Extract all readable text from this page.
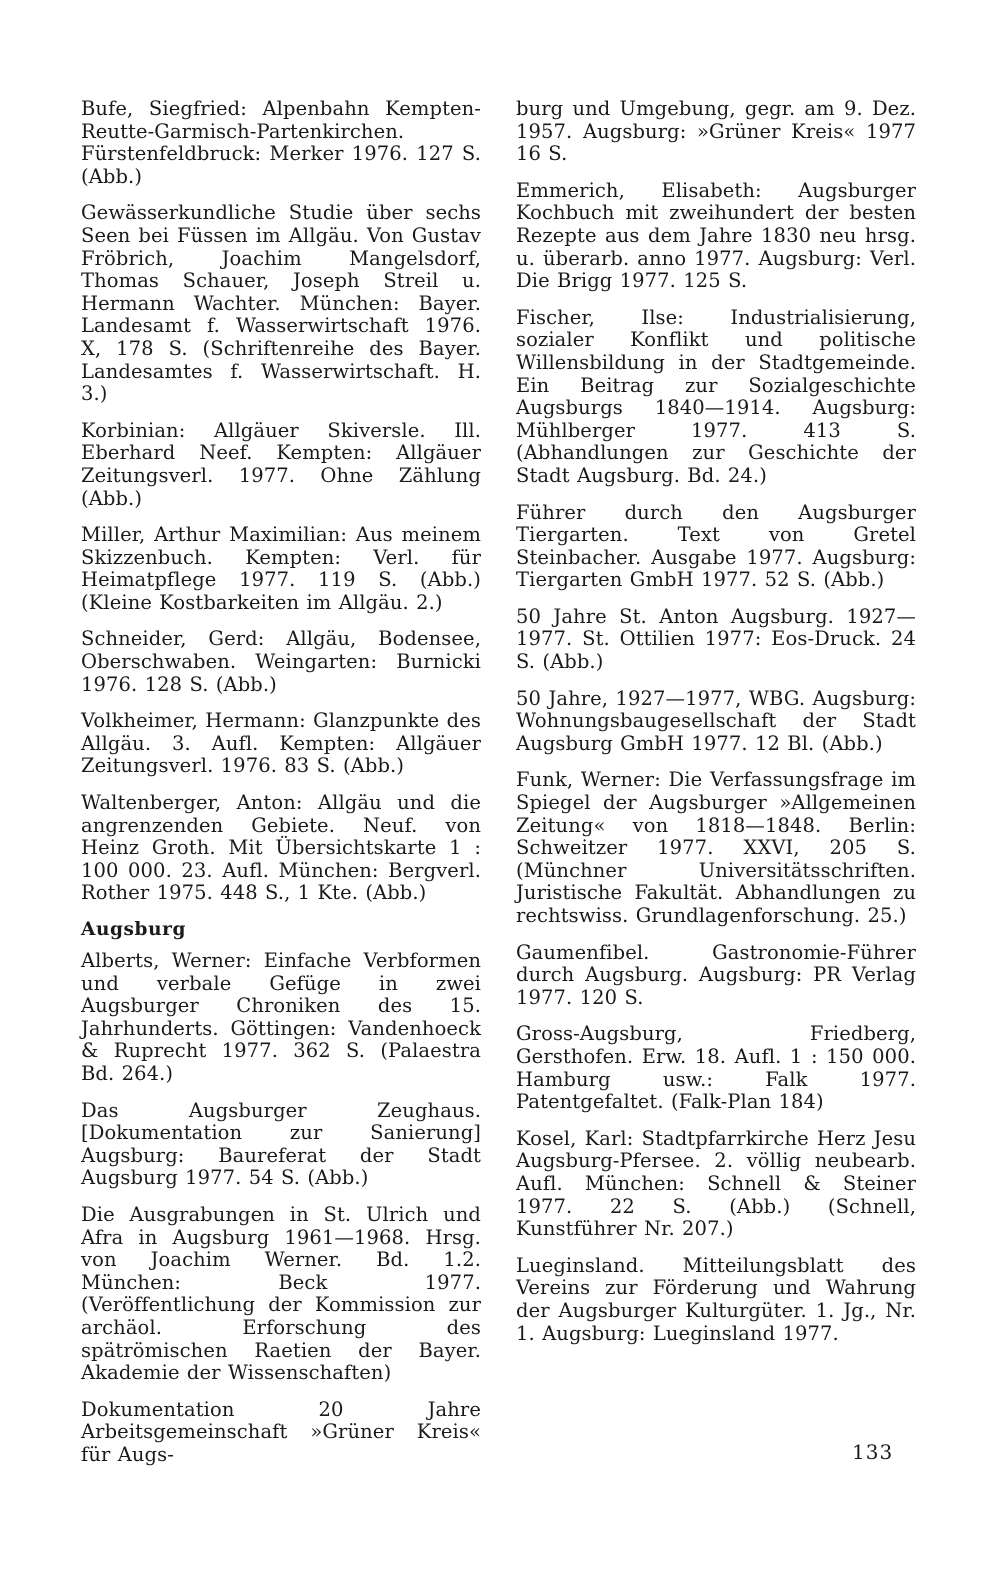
Bufe, Siegfried: Alpenbahn Kempten-Reutte-Garmisch-Partenkirchen. Fürstenfeldbruck: Merker 1976. 127 S. (Abb.)

Gewässerkundliche Studie über sechs Seen bei Füssen im Allgäu. Von Gustav Fröbrich, Joachim Mangelsdorf, Thomas Schauer, Joseph Streil u. Hermann Wachter. München: Bayer. Landesamt f. Wasserwirtschaft 1976. X, 178 S. (Schriftenreihe des Bayer. Landesamtes f. Wasserwirtschaft. H. 3.)

Korbinian: Allgäuer Skiversle. Ill. Eberhard Neef. Kempten: Allgäuer Zeitungsverl. 1977. Ohne Zählung (Abb.)

Miller, Arthur Maximilian: Aus meinem Skizzenbuch. Kempten: Verl. für Heimatpflege 1977. 119 S. (Abb.) (Kleine Kostbarkeiten im Allgäu. 2.)

Schneider, Gerd: Allgäu, Bodensee, Oberschwaben. Weingarten: Burnicki 1976. 128 S. (Abb.)

Volkheimer, Hermann: Glanzpunkte des Allgäu. 3. Aufl. Kempten: Allgäuer Zeitungsverl. 1976. 83 S. (Abb.)

Waltenberger, Anton: Allgäu und die angrenzenden Gebiete. Neuf. von Heinz Groth. Mit Übersichtskarte 1 : 100 000. 23. Aufl. München: Bergverl. Rother 1975. 448 S., 1 Kte. (Abb.)

Augsburg

Alberts, Werner: Einfache Verbformen und verbale Gefüge in zwei Augsburger Chroniken des 15. Jahrhunderts. Göttingen: Vandenhoeck & Ruprecht 1977. 362 S. (Palaestra Bd. 264.)

Das Augsburger Zeughaus. [Dokumentation zur Sanierung] Augsburg: Baureferat der Stadt Augsburg 1977. 54 S. (Abb.)

Die Ausgrabungen in St. Ulrich und Afra in Augsburg 1961—1968. Hrsg. von Joachim Werner. Bd. 1.2. München: Beck 1977. (Veröffentlichung der Kommission zur archäol. Erforschung des spätrömischen Raetien der Bayer. Akademie der Wissenschaften)

Dokumentation 20 Jahre Arbeitsgemeinschaft »Grüner Kreis« für Augs-

burg und Umgebung, gegr. am 9. Dez. 1957. Augsburg: »Grüner Kreis« 1977 16 S.

Emmerich, Elisabeth: Augsburger Kochbuch mit zweihundert der besten Rezepte aus dem Jahre 1830 neu hrsg. u. überarb. anno 1977. Augsburg: Verl. Die Brigg 1977. 125 S.

Fischer, Ilse: Industrialisierung, sozialer Konflikt und politische Willensbildung in der Stadtgemeinde. Ein Beitrag zur Sozialgeschichte Augsburgs 1840—1914. Augsburg: Mühlberger 1977. 413 S. (Abhandlungen zur Geschichte der Stadt Augsburg. Bd. 24.)

Führer durch den Augsburger Tiergarten. Text von Gretel Steinbacher. Ausgabe 1977. Augsburg: Tiergarten GmbH 1977. 52 S. (Abb.)

50 Jahre St. Anton Augsburg. 1927—1977. St. Ottilien 1977: Eos-Druck. 24 S. (Abb.)

50 Jahre, 1927—1977, WBG. Augsburg: Wohnungsbaugesellschaft der Stadt Augsburg GmbH 1977. 12 Bl. (Abb.)

Funk, Werner: Die Verfassungsfrage im Spiegel der Augsburger »Allgemeinen Zeitung« von 1818—1848. Berlin: Schweitzer 1977. XXVI, 205 S. (Münchner Universitätsschriften. Juristische Fakultät. Abhandlungen zu rechtswiss. Grundlagenforschung. 25.)

Gaumenfibel. Gastronomie-Führer durch Augsburg. Augsburg: PR Verlag 1977. 120 S.

Gross-Augsburg, Friedberg, Gersthofen. Erw. 18. Aufl. 1 : 150 000. Hamburg usw.: Falk 1977. Patentgefaltet. (Falk-Plan 184)

Kosel, Karl: Stadtpfarrkirche Herz Jesu Augsburg-Pfersee. 2. völlig neubearb. Aufl. München: Schnell & Steiner 1977. 22 S. (Abb.) (Schnell, Kunstführer Nr. 207.)

Lueginsland. Mitteilungsblatt des Vereins zur Förderung und Wahrung der Augsburger Kulturgüter. 1. Jg., Nr. 1. Augsburg: Lueginsland 1977.

133
